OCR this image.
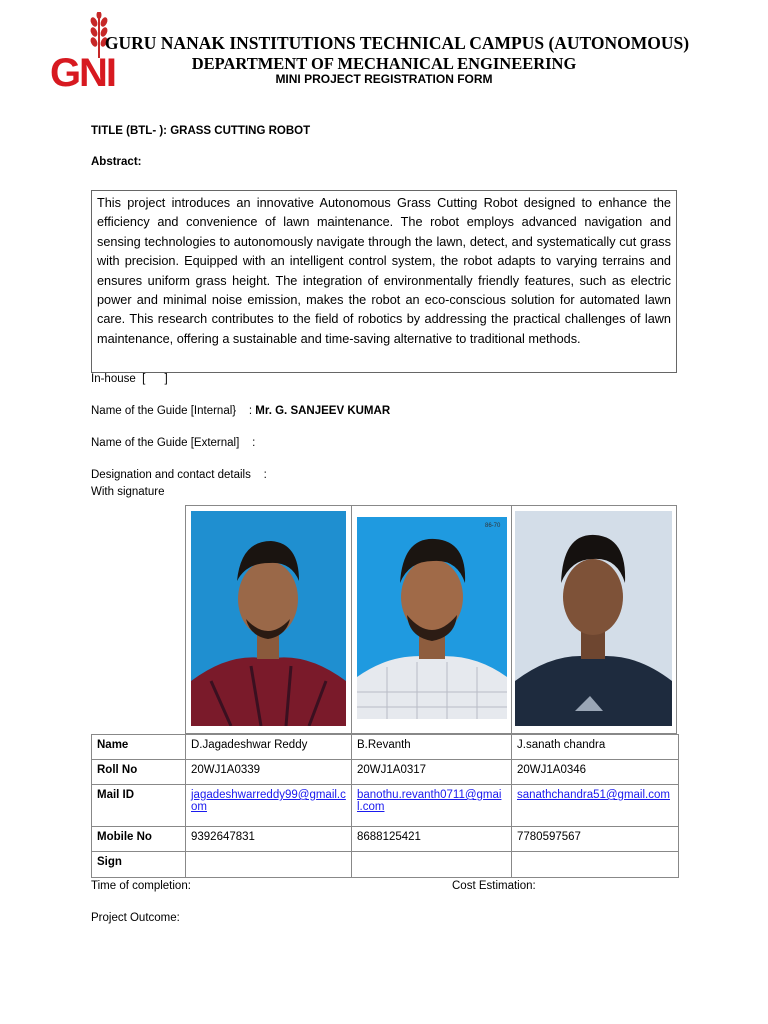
GNI
GURU NANAK INSTITUTIONS TECHNICAL CAMPUS (AUTONOMOUS)
DEPARTMENT OF MECHANICAL ENGINEERING
MINI PROJECT REGISTRATION FORM
TITLE (BTL- ): GRASS CUTTING ROBOT
Abstract:
This project introduces an innovative Autonomous Grass Cutting Robot designed to enhance the efficiency and convenience of lawn maintenance. The robot employs advanced navigation and sensing technologies to autonomously navigate through the lawn, detect, and systematically cut grass with precision. Equipped with an intelligent control system, the robot adapts to varying terrains and ensures uniform grass height. The integration of environmentally friendly features, such as electric power and minimal noise emission, makes the robot an eco-conscious solution for automated lawn care. This research contributes to the field of robotics by addressing the practical challenges of lawn maintenance, offering a sustainable and time-saving alternative to traditional methods.
In-house  [      ]
Name of the Guide [Internal}    : Mr. G. SANJEEV KUMAR
Name of the Guide [External]    :
Designation and contact details    :
With signature
86-70
Name	D.Jagadeshwar Reddy	B.Revanth	J.sanath chandra
Roll No	20WJ1A0339	20WJ1A0317	20WJ1A0346
Mail ID	jagadeshwarreddy99@gmail.com	banothu.revanth0711@gmail.com	sanathchandra51@gmail.com
Mobile No	9392647831	8688125421	7780597567
Sign			
Time of completion:	Cost Estimation:
Project Outcome:
